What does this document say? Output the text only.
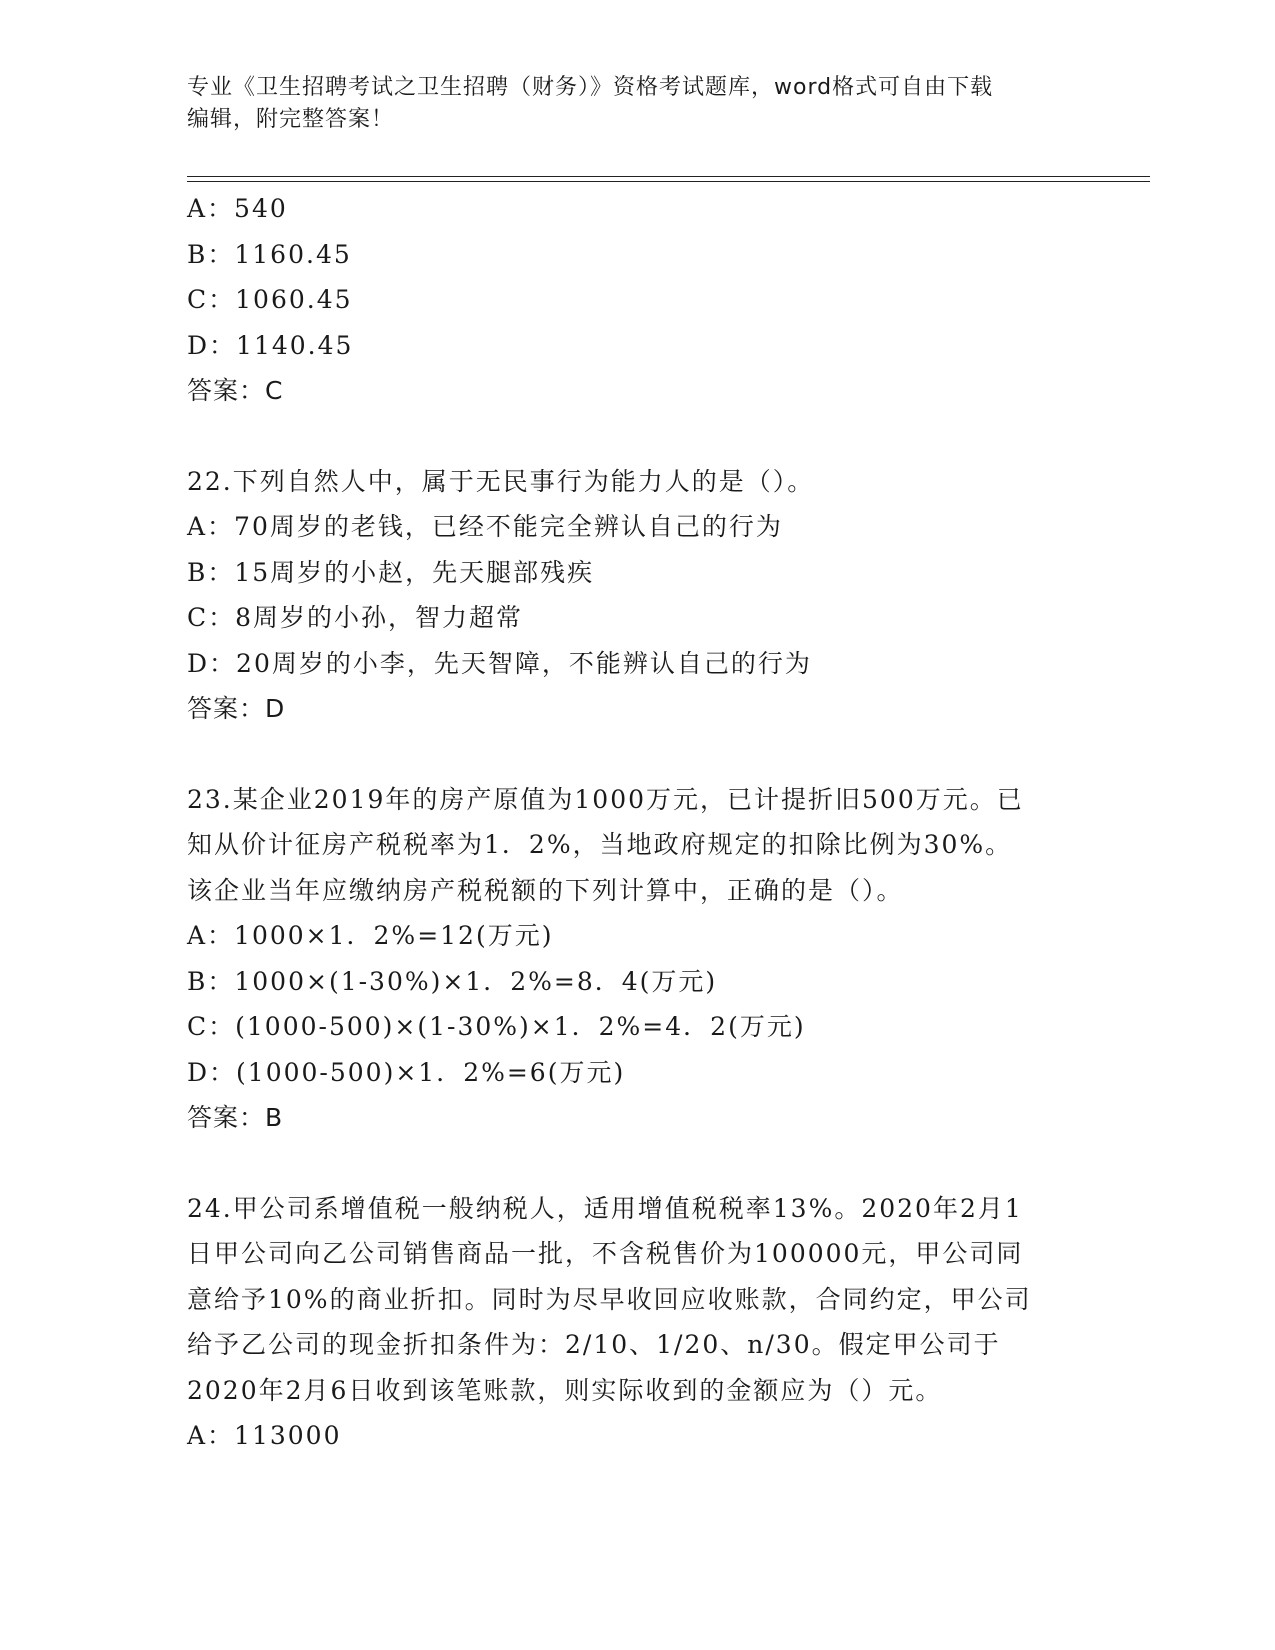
专业《卫生招聘考试之卫生招聘（财务）》资格考试题库，word格式可自由下载
编辑，附完整答案！
A：540
B：1160.45
C：1060.45
D：1140.45
答案：C
22.下列自然人中，属于无民事行为能力人的是（）。
A：70周岁的老钱，已经不能完全辨认自己的行为
B：15周岁的小赵，先天腿部残疾
C：8周岁的小孙，智力超常
D：20周岁的小李，先天智障，不能辨认自己的行为
答案：D
23.某企业2019年的房产原值为1000万元，已计提折旧500万元。已
知从价计征房产税税率为1．2%，当地政府规定的扣除比例为30%。
该企业当年应缴纳房产税税额的下列计算中，正确的是（）。
A：1000×1．2%=12(万元)
B：1000×(1-30%)×1．2%=8．4(万元)
C：(1000-500)×(1-30%)×1．2%=4．2(万元)
D：(1000-500)×1．2%=6(万元)
答案：B
24.甲公司系增值税一般纳税人，适用增值税税率13%。2020年2月1
日甲公司向乙公司销售商品一批，不含税售价为100000元，甲公司同
意给予10%的商业折扣。同时为尽早收回应收账款，合同约定，甲公司
给予乙公司的现金折扣条件为：2/10、1/20、n/30。假定甲公司于
2020年2月6日收到该笔账款，则实际收到的金额应为（）元。
A：113000
